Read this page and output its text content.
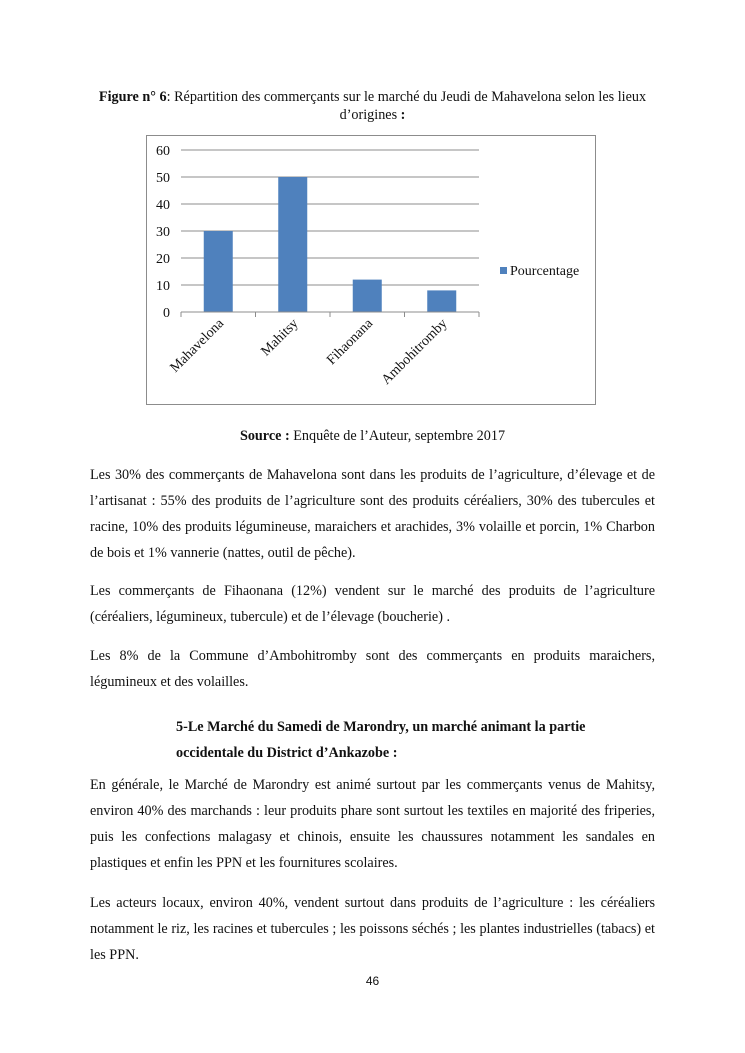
Figure n° 6: Répartition des commerçants sur le marché du Jeudi de Mahavelona selon les lieux d’origines :
0
10
20
30
40
50
60
Mahavelona Mahitsy Fihaonana Ambohitromby
Pourcentage
Source : Enquête de l’Auteur, septembre 2017

Les 30% des commerçants de Mahavelona sont dans les produits de l’agriculture, d’élevage et de l’artisanat : 55% des produits de l’agriculture sont des produits céréaliers, 30% des tubercules et racine, 10% des produits légumineuse, maraichers et arachides, 3% volaille et porcin, 1% Charbon de bois et 1% vannerie (nattes, outil de pêche).

Les commerçants de Fihaonana (12%) vendent sur le marché des produits de l’agriculture (céréaliers, légumineux, tubercule) et de l’élevage (boucherie) .

Les 8% de la Commune d’Ambohitromby sont des commerçants en produits maraichers, légumineux et des volailles.

5-Le Marché du Samedi de Marondry, un marché animant la partie occidentale du District d’Ankazobe :

En générale, le Marché de Marondry est animé surtout par les commerçants venus de Mahitsy, environ 40% des marchands : leur produits phare sont surtout les textiles en majorité des friperies, puis les confections malagasy et chinois, ensuite les chaussures notamment les sandales en plastiques et enfin les PPN et les fournitures scolaires.

Les acteurs locaux, environ 40%, vendent surtout dans produits de l’agriculture : les céréaliers notamment le riz, les racines et tubercules ; les poissons séchés ; les plantes industrielles (tabacs) et les PPN.

46
